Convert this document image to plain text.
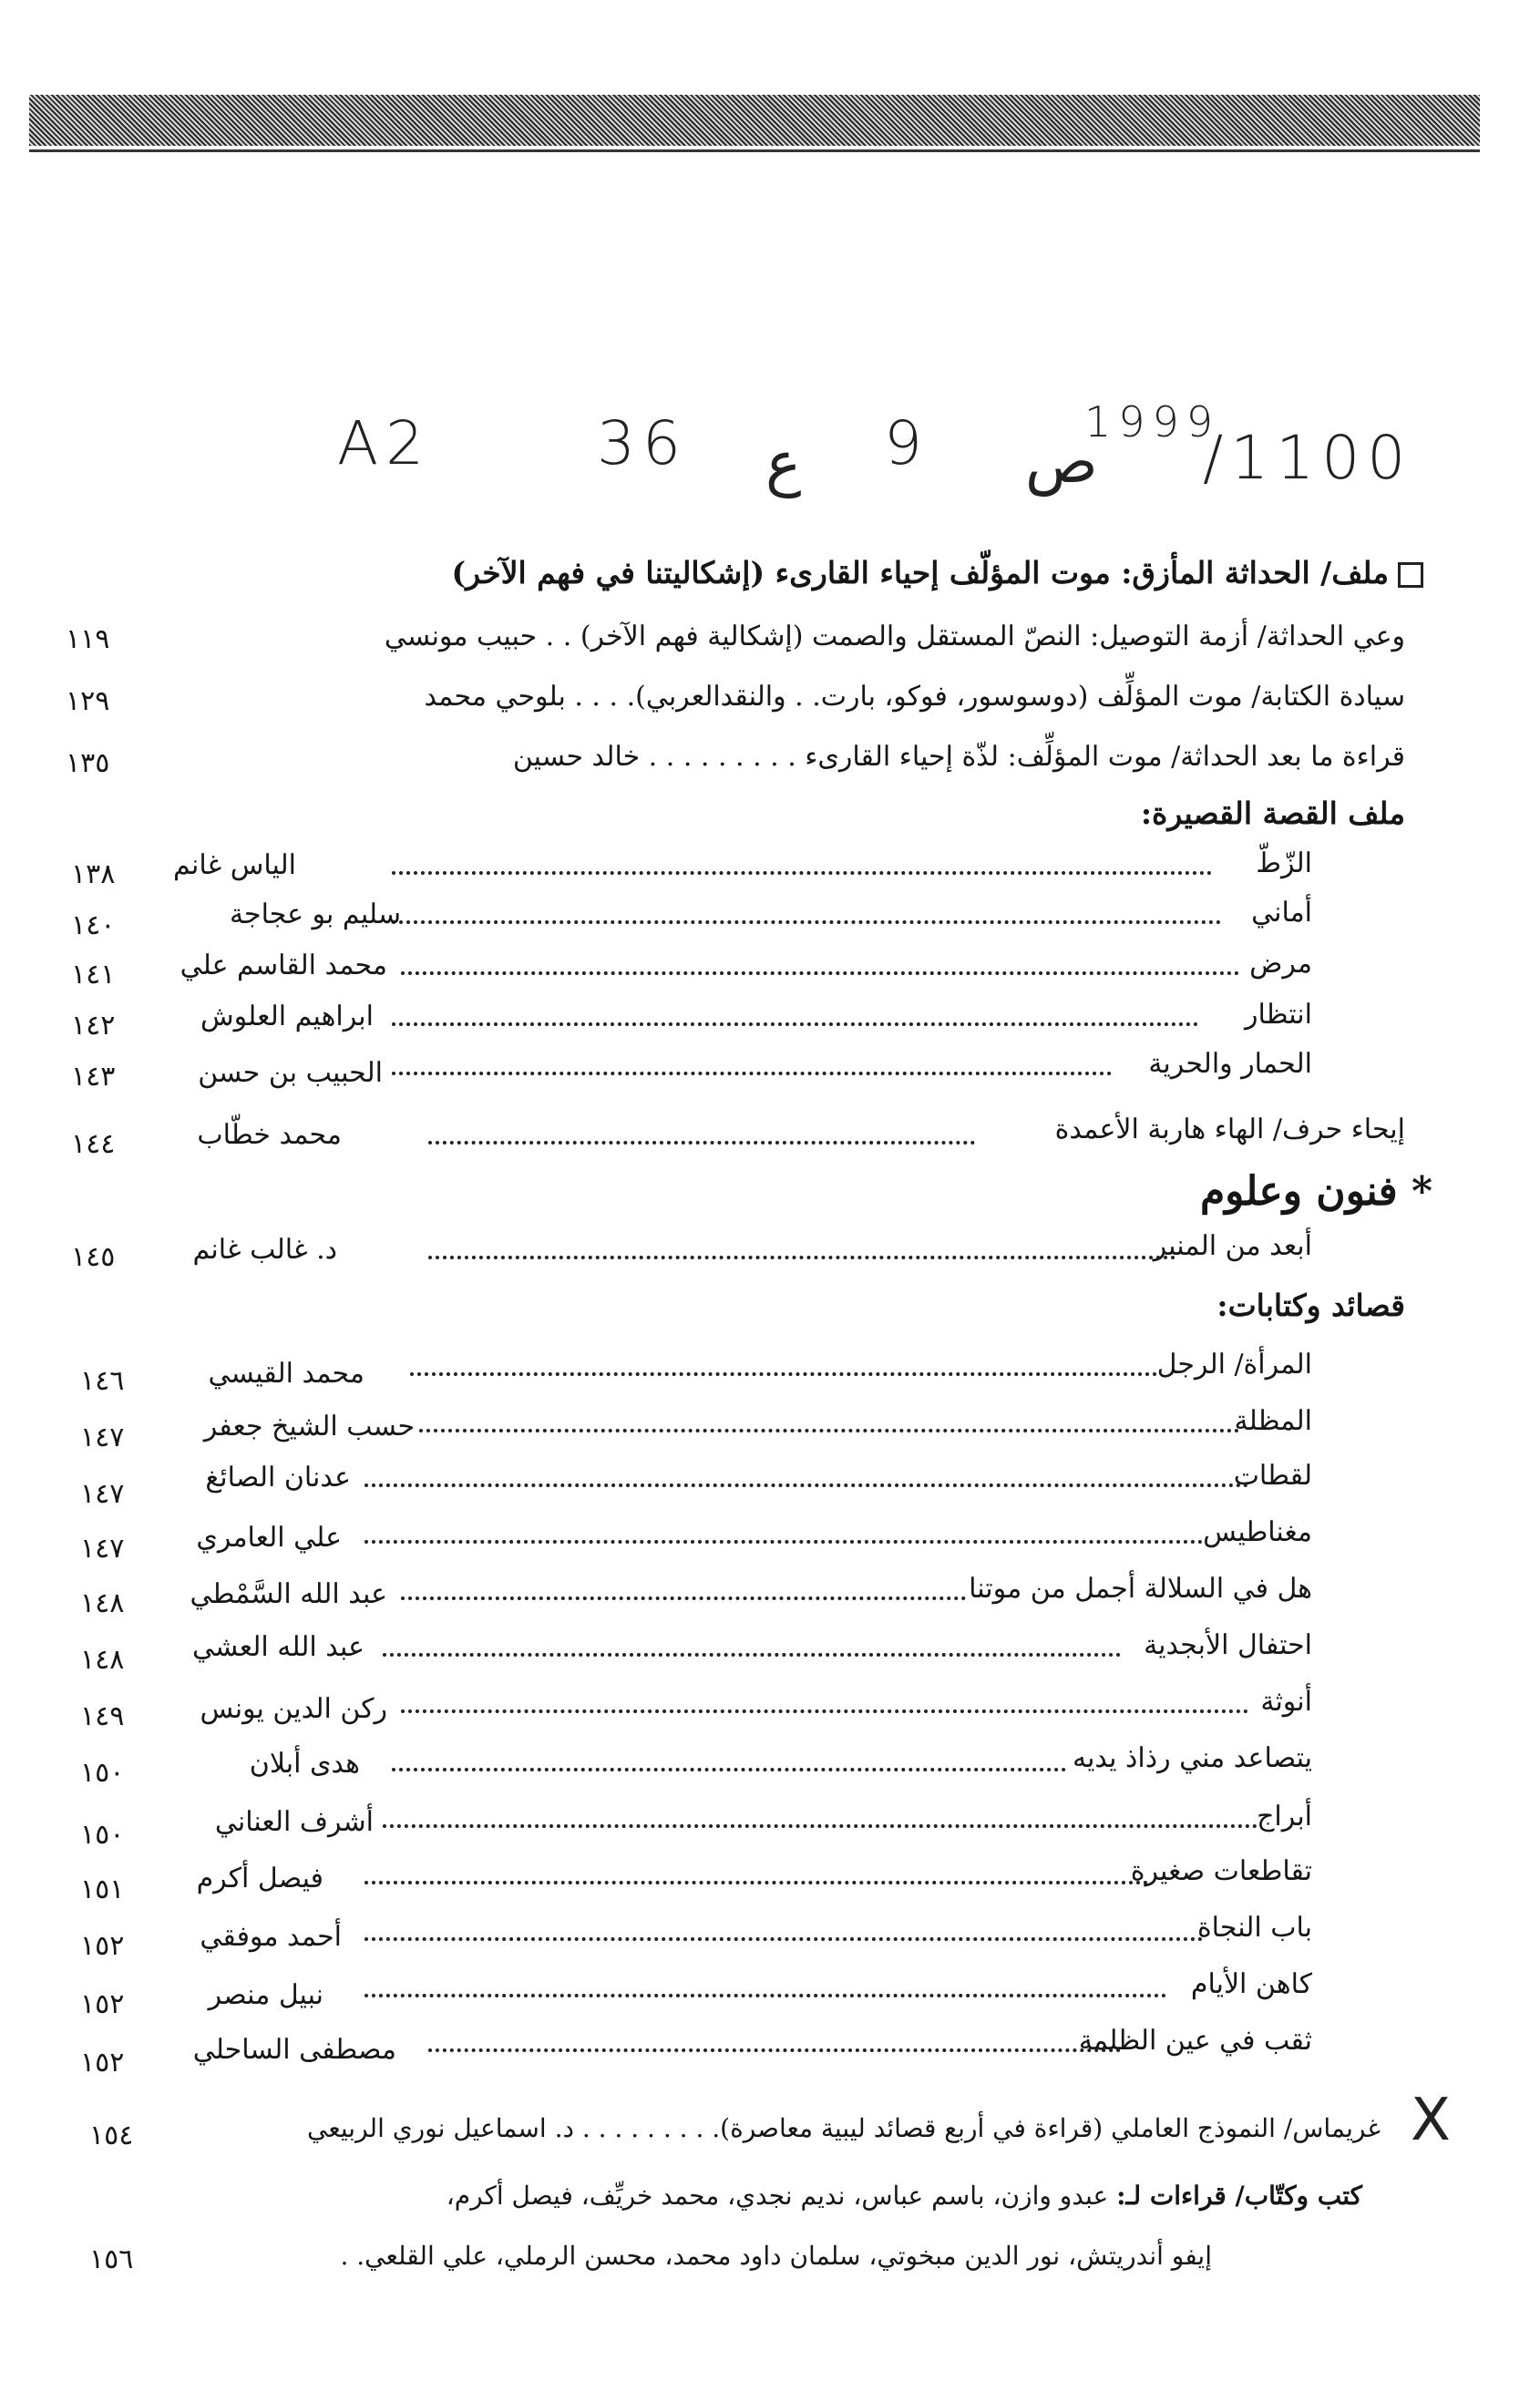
A2	36 ع 9 ص
1999
/1100
ملف/ الحداثة المأزق: موت المؤلّف إحياء القارىء (إشكاليتنا في فهم الآخر)
وعي الحداثة/ أزمة التوصيل: النصّ المستقل والصمت (إشكالية فهم الآخر) . . حبيب مونسي
١١٩
سيادة الكتابة/ موت المؤلِّف (دوسوسور، فوكو، بارت. . والنقدالعربي). . . . بلوحي محمد
١٢٩
قراءة ما بعد الحداثة/ موت المؤلِّف: لذّة إحياء القارىء . . . . . . . . . خالد حسين
١٣٥
ملف القصة القصيرة:
الزّطّ
الياس غانم
١٣٨
أماني
سليم بو عجاجة
١٤٠
مرض
محمد القاسم علي
١٤١
انتظار
ابراهيم العلوش
١٤٢
الحمار والحرية
الحبيب بن حسن
١٤٣
إيحاء حرف/ الهاء هاربة الأعمدة
محمد خطّاب
١٤٤
* فنون وعلوم
أبعد من المنبر
د. غالب غانم
١٤٥
قصائد وكتابات:
المرأة/ الرجل
محمد القيسي
١٤٦
المظلة
حسب الشيخ جعفر
١٤٧
لقطات
عدنان الصائغ
١٤٧
مغناطيس
علي العامري
١٤٧
هل في السلالة أجمل من موتنا
عبد الله السَّمْطي
١٤٨
احتفال الأبجدية
عبد الله العشي
١٤٨
أنوثة
ركن الدين يونس
١٤٩
يتصاعد مني رذاذ يديه
هدى أبلان
١٥٠
أبراج
أشرف العناني
١٥٠
تقاطعات صغيرة
فيصل أكرم
١٥١
باب النجاة
أحمد موفقي
١٥٢
كاهن الأيام
نبيل منصر
١٥٢
ثقب في عين الظلمة
مصطفى الساحلي
١٥٢
X
غريماس/ النموذج العاملي (قراءة في أربع قصائد ليبية معاصرة). . . . . . . . . د. اسماعيل نوري الربيعي
١٥٤
كتب وكتّاب/ قراءات لـ: عبدو وازن، باسم عباس، نديم نجدي، محمد خريِّف، فيصل أكرم،
إيفو أندريتش، نور الدين مبخوتي، سلمان داود محمد، محسن الرملي، علي القلعي. .
١٥٦
